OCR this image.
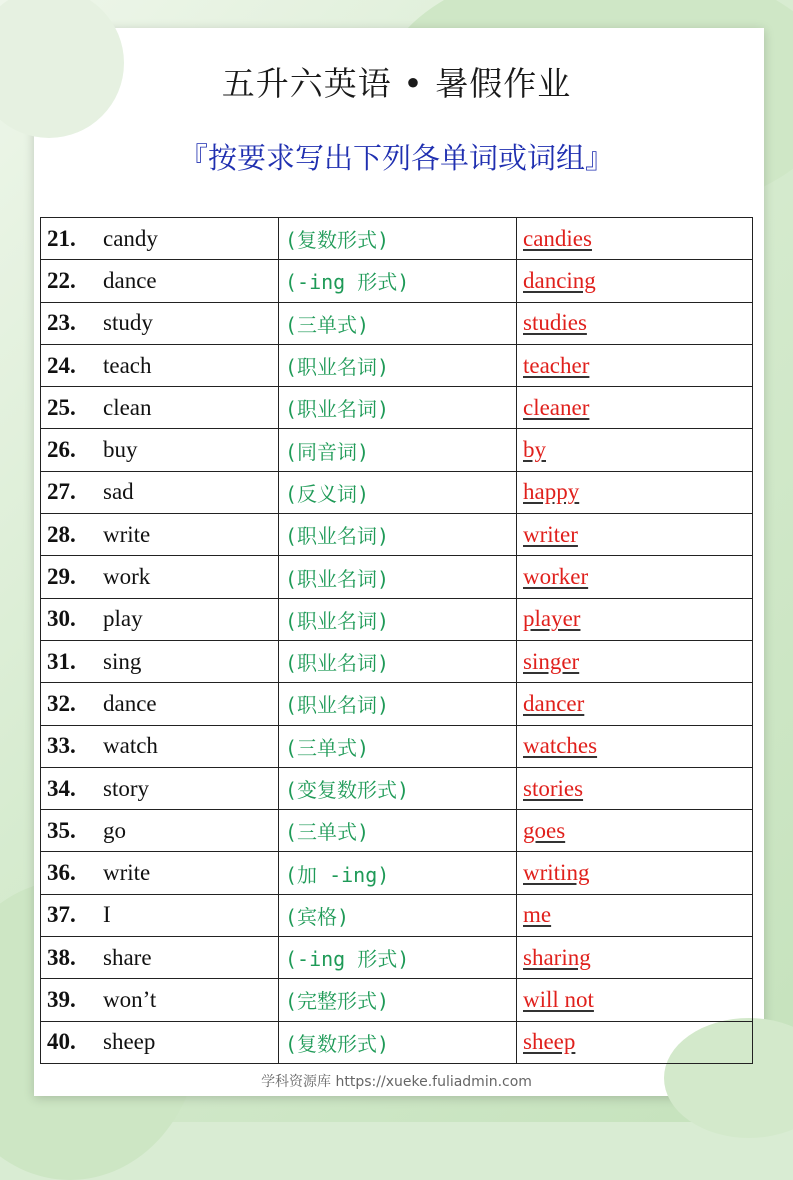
五升六英语 • 暑假作业
『按要求写出下列各单词或词组』
21. candy	(复数形式)	candies
22. dance	(-ing 形式)	dancing
23. study	(三单式)	studies
24. teach	(职业名词)	teacher
25. clean	(职业名词)	cleaner
26. buy	(同音词)	by
27. sad	(反义词)	happy
28. write	(职业名词)	writer
29. work	(职业名词)	worker
30. play	(职业名词)	player
31. sing	(职业名词)	singer
32. dance	(职业名词)	dancer
33. watch	(三单式)	watches
34. story	(变复数形式)	stories
35. go	(三单式)	goes
36. write	(加 -ing)	writing
37. I	(宾格)	me
38. share	(-ing 形式)	sharing
39. won’t	(完整形式)	will not
40. sheep	(复数形式)	sheep
学科资源库 https://xueke.fuliadmin.com
